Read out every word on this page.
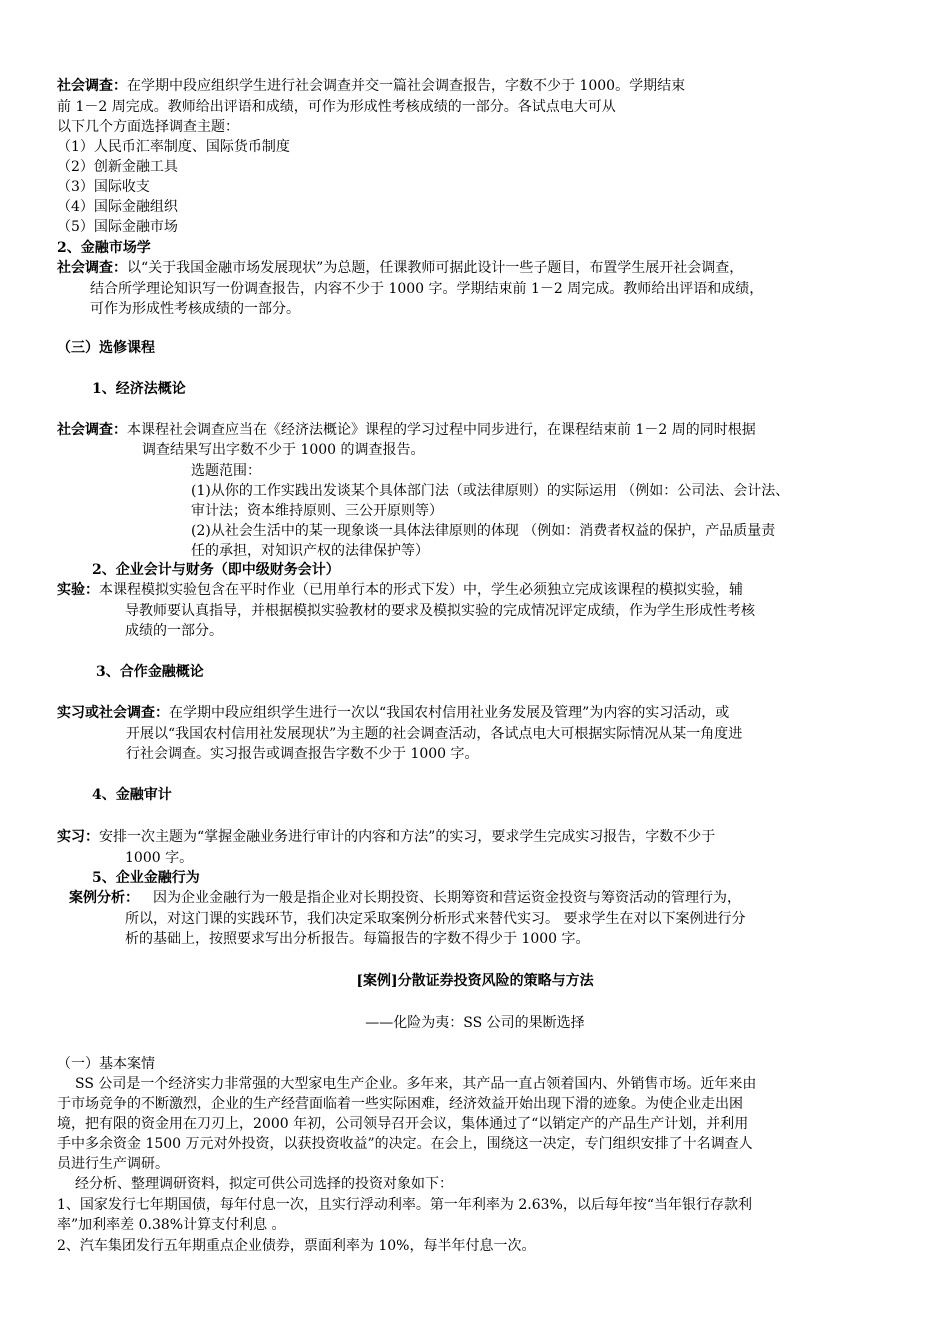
社会调查：在学期中段应组织学生进行社会调查并交一篇社会调查报告，字数不少于 1000。学期结束
前 1－2 周完成。教师给出评语和成绩，可作为形成性考核成绩的一部分。各试点电大可从
以下几个方面选择调查主题：
（1）人民币汇率制度、国际货币制度
（2）创新金融工具
（3）国际收支
（4）国际金融组织
（5）国际金融市场
2、金融市场学
社会调查：以“关于我国金融市场发展现状”为总题，任课教师可据此设计一些子题目，布置学生展开社会调查，
结合所学理论知识写一份调查报告，内容不少于 1000 字。学期结束前 1－2 周完成。教师给出评语和成绩，
可作为形成性考核成绩的一部分。
（三）选修课程
1、经济法概论
社会调查：本课程社会调查应当在《经济法概论》课程的学习过程中同步进行，在课程结束前 1－2 周的同时根据
调查结果写出字数不少于 1000 的调查报告。
选题范围：
(1)从你的工作实践出发谈某个具体部门法（或法律原则）的实际运用 （例如：公司法、会计法、
审计法；资本维持原则、三公开原则等）
(2)从社会生活中的某一现象谈一具体法律原则的体现 （例如：消费者权益的保护，产品质量责
任的承担，对知识产权的法律保护等）
2、企业会计与财务（即中级财务会计）
实验：本课程模拟实验包含在平时作业（已用单行本的形式下发）中，学生必须独立完成该课程的模拟实验，辅
导教师要认真指导，并根据模拟实验教材的要求及模拟实验的完成情况评定成绩，作为学生形成性考核
成绩的一部分。
3、合作金融概论
实习或社会调查：在学期中段应组织学生进行一次以“我国农村信用社业务发展及管理”为内容的实习活动，或
开展以“我国农村信用社发展现状”为主题的社会调查活动，各试点电大可根据实际情况从某一角度进
行社会调查。实习报告或调查报告字数不少于 1000 字。
4、金融审计
实习：安排一次主题为“掌握金融业务进行审计的内容和方法”的实习，要求学生完成实习报告，字数不少于
1000 字。
5、企业金融行为
案例分析： 因为企业金融行为一般是指企业对长期投资、长期筹资和营运资金投资与筹资活动的管理行为，
所以，对这门课的实践环节，我们决定采取案例分析形式来替代实习。 要求学生在对以下案例进行分
析的基础上，按照要求写出分析报告。每篇报告的字数不得少于 1000 字。
[案例]分散证券投资风险的策略与方法
——化险为夷：SS 公司的果断选择
（一）基本案情
SS 公司是一个经济实力非常强的大型家电生产企业。多年来，其产品一直占领着国内、外销售市场。近年来由
于市场竞争的不断激烈，企业的生产经营面临着一些实际困难，经济效益开始出现下滑的迹象。为使企业走出困
境，把有限的资金用在刀刃上，2000 年初，公司领导召开会议，集体通过了“以销定产的产品生产计划，并利用
手中多余资金 1500 万元对外投资，以获投资收益”的决定。在会上，围绕这一决定，专门组织安排了十名调查人
员进行生产调研。
经分析、整理调研资料，拟定可供公司选择的投资对象如下：
1、国家发行七年期国债，每年付息一次，且实行浮动利率。第一年利率为 2.63%，以后每年按“当年银行存款利
率”加利率差 0.38%计算支付利息 。
2、汽车集团发行五年期重点企业债券，票面利率为 10%，每半年付息一次。
